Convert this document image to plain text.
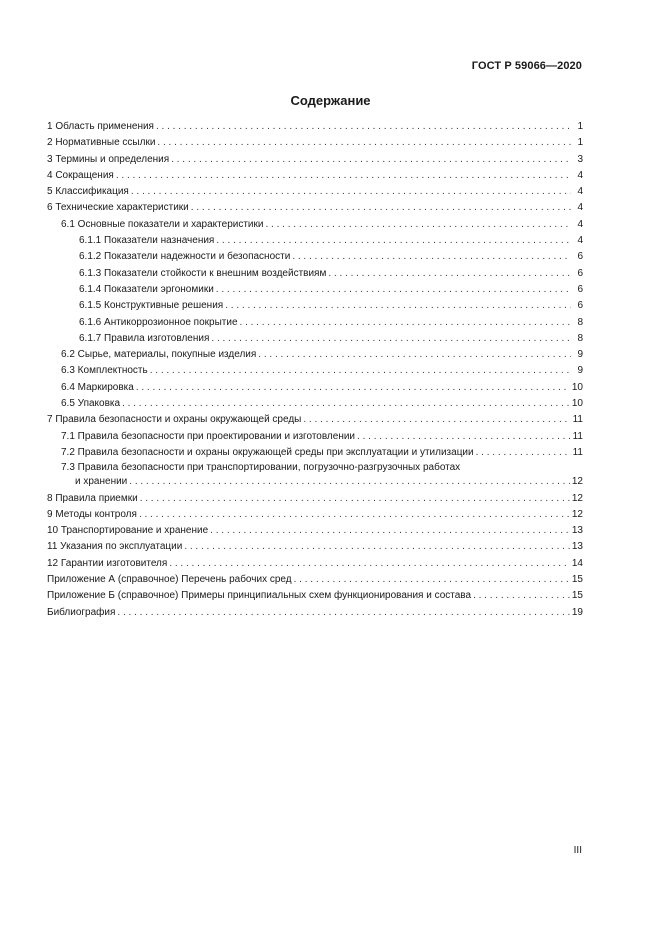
ГОСТ Р 59066—2020
Содержание
1 Область применения . . .	1
2 Нормативные ссылки . . .	1
3 Термины и определения . . .	3
4 Сокращения . . .	4
5 Классификация . . .	4
6 Технические характеристики . . .	4
6.1 Основные показатели и характеристики . . .	4
6.1.1 Показатели назначения . . .	4
6.1.2 Показатели надежности и безопасности . . .	6
6.1.3 Показатели стойкости к внешним воздействиям . . .	6
6.1.4 Показатели эргономики . . .	6
6.1.5 Конструктивные решения . . .	6
6.1.6 Антикоррозионное покрытие . . .	8
6.1.7 Правила изготовления . . .	8
6.2 Сырье, материалы, покупные изделия . . .	9
6.3 Комплектность . . .	9
6.4 Маркировка . . .	10
6.5 Упаковка . . .	10
7 Правила безопасности и охраны окружающей среды . . .	11
7.1 Правила безопасности при проектировании и изготовлении . . .	11
7.2 Правила безопасности и охраны окружающей среды при эксплуатации и утилизации . . .	11
7.3 Правила безопасности при транспортировании, погрузочно-разгрузочных работах
и хранении . . .	12
8 Правила приемки . . .	12
9 Методы контроля . . .	12
10 Транспортирование и хранение . . .	13
11 Указания по эксплуатации . . .	13
12 Гарантии изготовителя . . .	14
Приложение А (справочное) Перечень рабочих сред . . .	15
Приложение Б (справочное) Примеры принципиальных схем функционирования и состава . . .	15
Библиография . . .	19
III
